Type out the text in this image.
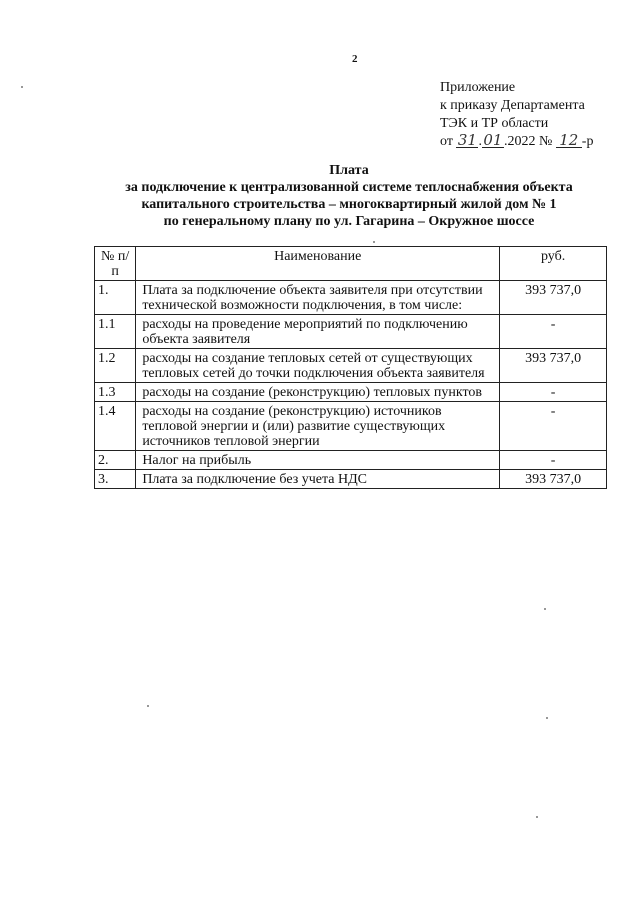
2
Приложение
к приказу Департамента
ТЭК и ТР области
от 31.01.2022 № 12 -р
Плата
за подключение к централизованной системе теплоснабжения объекта
капитального строительства – многоквартирный жилой дом № 1
по генеральному плану по ул. Гагарина – Окружное шоссе
№ п/п	Наименование	руб.
1.	Плата за подключение объекта заявителя при отсутствии технической возможности подключения, в том числе:	393 737,0
1.1	расходы на проведение мероприятий по подключению объекта заявителя	-
1.2	расходы на создание тепловых сетей от существующих тепловых сетей до точки подключения объекта заявителя	393 737,0
1.3	расходы на создание (реконструкцию) тепловых пунктов	-
1.4	расходы на создание (реконструкцию) источников тепловой энергии и (или) развитие существующих источников тепловой энергии	-
2.	Налог на прибыль	-
3.	Плата за подключение без учета НДС	393 737,0
